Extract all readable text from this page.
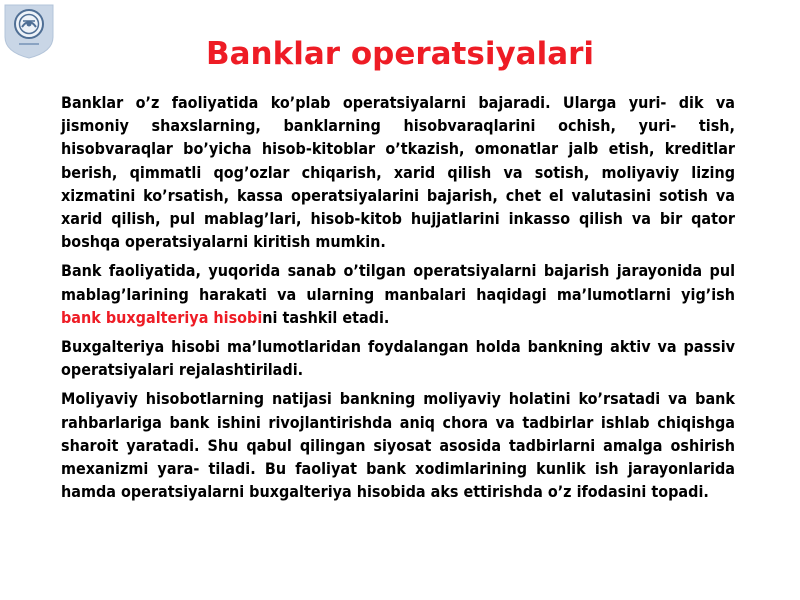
Banklar operatsiyalari

Banklar o’z faoliyatida ko’plab operatsiyalarni bajaradi. Ularga yuri- dik va jismoniy shaxslarning, banklarning hisobvaraqlarini ochish, yuri- tish, hisobvaraqlar bo’yicha hisob-kitoblar o’tkazish, omonatlar jalb etish, kreditlar berish, qimmatli qog’ozlar chiqarish, xarid qilish va sotish, moliyaviy lizing xizmatini ko’rsatish, kassa operatsiyalarini bajarish, chet el valutasini sotish va xarid qilish, pul mablag’lari, hisob-kitob hujjatlarini inkasso qilish va bir qator boshqa operatsiyalarni kiritish mumkin.

Bank faoliyatida, yuqorida sanab o’tilgan operatsiyalarni bajarish jarayonida pul mablag’larining harakati va ularning manbalari haqidagi ma’lumotlarni yig’ish bank buxgalteriya hisobini tashkil etadi.

Buxgalteriya hisobi ma’lumotlaridan foydalangan holda bankning aktiv va passiv operatsiyalari rejalashtiriladi.

Moliyaviy hisobotlarning natijasi bankning moliyaviy holatini ko’rsatadi va bank rahbarlariga bank ishini rivojlantirishda aniq chora va tadbirlar ishlab chiqishga sharoit yaratadi. Shu qabul qilingan siyosat asosida tadbirlarni amalga oshirish mexanizmi yara- tiladi. Bu faoliyat bank xodimlarining kunlik ish jarayonlarida hamda operatsiyalarni buxgalteriya hisobida aks ettirishda o’z ifodasini topadi.
